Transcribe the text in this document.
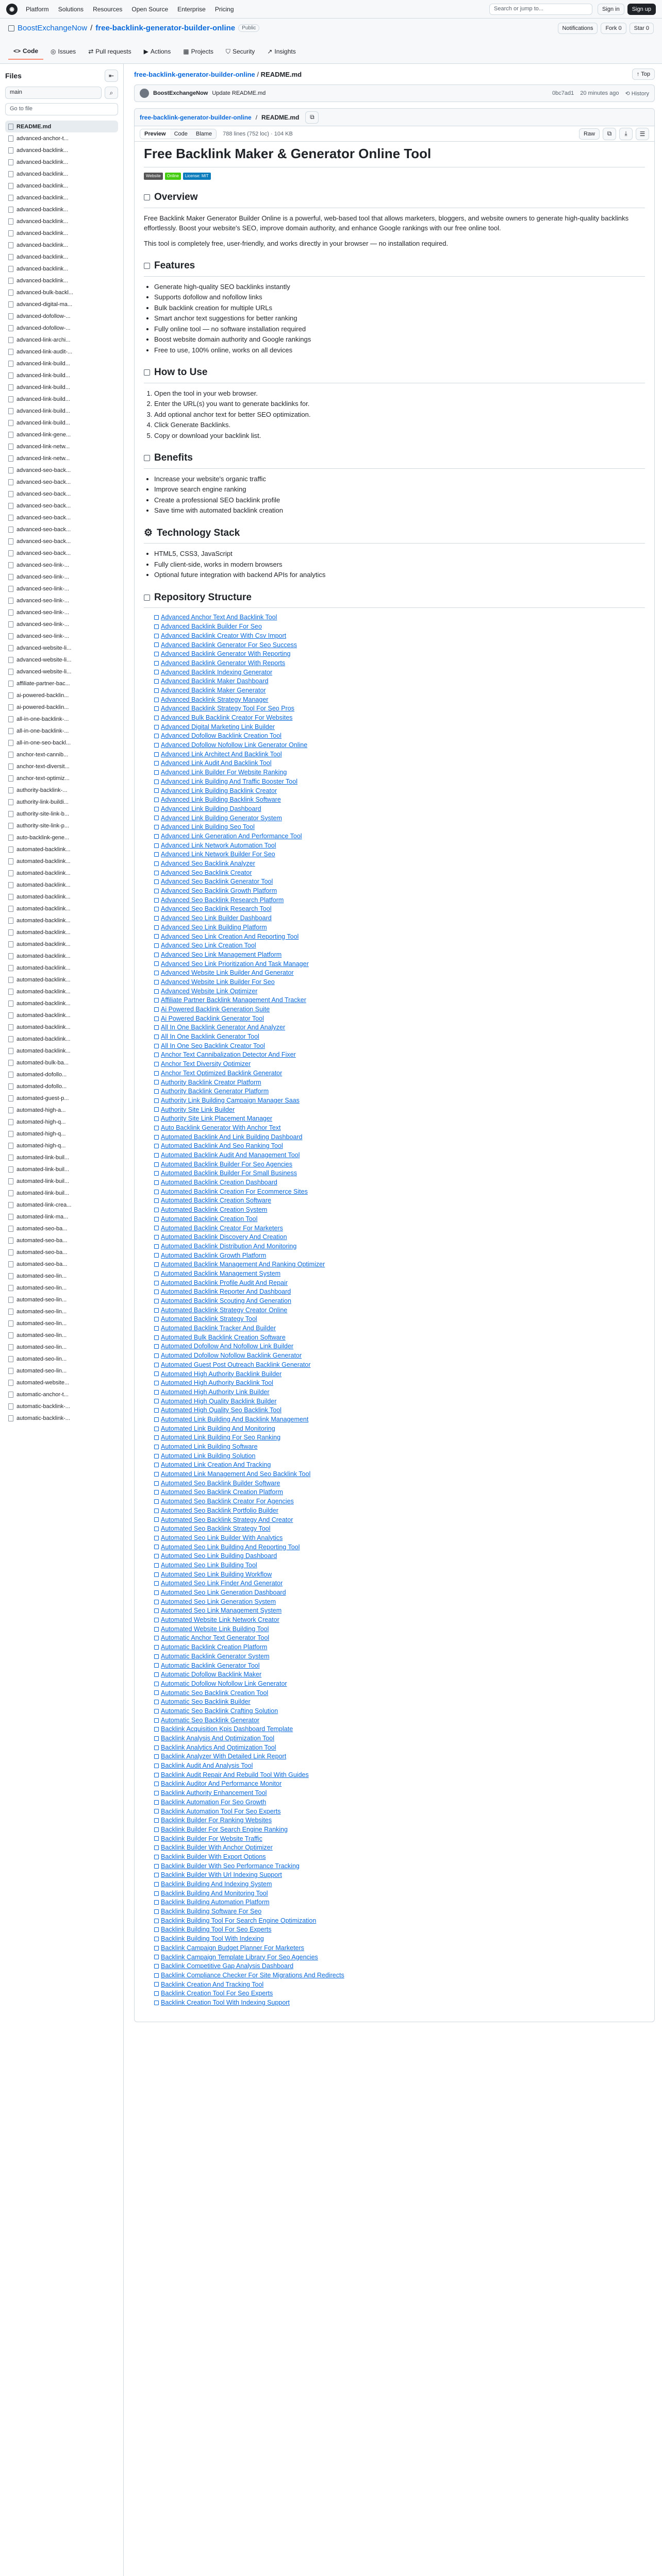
◉	Platform Solutions Resources Open Source Enterprise Pricing	Search or jump to...	Sign in	Sign up
BoostExchangeNow / free-backlink-generator-builder-online	Public	Notifications	Fork 0	Star 0
<> Code ◎ Issues ⇄ Pull requests ▶ Actions ▦ Projects ⛉ Security ↗ Insights
Files	⇤
main	⌕
Go to file
README.md
advanced-anchor-t...
advanced-backlink...
advanced-backlink...
advanced-backlink...
advanced-backlink...
advanced-backlink...
advanced-backlink...
advanced-backlink...
advanced-backlink...
advanced-backlink...
advanced-backlink...
advanced-backlink...
advanced-backlink...
advanced-bulk-backl...
advanced-digital-ma...
advanced-dofollow-...
advanced-dofollow-...
advanced-link-archi...
advanced-link-audit-...
advanced-link-build...
advanced-link-build...
advanced-link-build...
advanced-link-build...
advanced-link-build...
advanced-link-build...
advanced-link-gene...
advanced-link-netw...
advanced-link-netw...
advanced-seo-back...
advanced-seo-back...
advanced-seo-back...
advanced-seo-back...
advanced-seo-back...
advanced-seo-back...
advanced-seo-back...
advanced-seo-back...
advanced-seo-link-...
advanced-seo-link-...
advanced-seo-link-...
advanced-seo-link-...
advanced-seo-link-...
advanced-seo-link-...
advanced-seo-link-...
advanced-website-li...
advanced-website-li...
advanced-website-li...
affiliate-partner-bac...
ai-powered-backlin...
ai-powered-backlin...
all-in-one-backlink-...
all-in-one-backlink-...
all-in-one-seo-backl...
anchor-text-cannib...
anchor-text-diversit...
anchor-text-optimiz...
authority-backlink-...
authority-link-buildi...
authority-site-link-b...
authority-site-link-p...
auto-backlink-gene...
automated-backlink...
automated-backlink...
automated-backlink...
automated-backlink...
automated-backlink...
automated-backlink...
automated-backlink...
automated-backlink...
automated-backlink...
automated-backlink...
automated-backlink...
automated-backlink...
automated-backlink...
automated-backlink...
automated-backlink...
automated-backlink...
automated-backlink...
automated-backlink...
automated-bulk-ba...
automated-dofollo...
automated-dofollo...
automated-guest-p...
automated-high-a...
automated-high-q...
automated-high-q...
automated-high-q...
automated-link-buil...
automated-link-buil...
automated-link-buil...
automated-link-buil...
automated-link-crea...
automated-link-ma...
automated-seo-ba...
automated-seo-ba...
automated-seo-ba...
automated-seo-ba...
automated-seo-lin...
automated-seo-lin...
automated-seo-lin...
automated-seo-lin...
automated-seo-lin...
automated-seo-lin...
automated-seo-lin...
automated-seo-lin...
automated-seo-lin...
automated-website...
automatic-anchor-t...
automatic-backlink-...
automatic-backlink-...
free-backlink-generator-builder-online / README.md	↑ Top
BoostExchangeNow Update README.md	0bc7ad1 20 minutes ago ⟲ History
free-backlink-generator-builder-online / README.md	⧉
Preview	Code	Blame	788 lines (752 loc) · 104 KB	Raw	⧉	⤓	☰
Free Backlink Maker & Generator Online Tool
Website	Online	License: MIT
Overview

Free Backlink Maker Generator Builder Online is a powerful, web-based tool that allows marketers, bloggers, and website owners to generate high-quality backlinks effortlessly. Boost your website's SEO, improve domain authority, and enhance Google rankings with our free online tool.

This tool is completely free, user-friendly, and works directly in your browser — no installation required.

Features
• Generate high-quality SEO backlinks instantly
• Supports dofollow and nofollow links
• Bulk backlink creation for multiple URLs
• Smart anchor text suggestions for better ranking
• Fully online tool — no software installation required
• Boost website domain authority and Google rankings
• Free to use, 100% online, works on all devices
How to Use
1. Open the tool in your web browser.
2. Enter the URL(s) you want to generate backlinks for.
3. Add optional anchor text for better SEO optimization.
4. Click Generate Backlinks.
5. Copy or download your backlink list.
Benefits
• Increase your website's organic traffic
• Improve search engine ranking
• Create a professional SEO backlink profile
• Save time with automated backlink creation
⚙ Technology Stack
• HTML5, CSS3, JavaScript
• Fully client-side, works in modern browsers
• Optional future integration with backend APIs for analytics
Repository Structure
Advanced Anchor Text And Backlink Tool
Advanced Backlink Builder For Seo
Advanced Backlink Creator With Csv Import
Advanced Backlink Generator For Seo Success
Advanced Backlink Generator With Reporting
Advanced Backlink Generator With Reports
Advanced Backlink Indexing Generator
Advanced Backlink Maker Dashboard
Advanced Backlink Maker Generator
Advanced Backlink Strategy Manager
Advanced Backlink Strategy Tool For Seo Pros
Advanced Bulk Backlink Creator For Websites
Advanced Digital Marketing Link Builder
Advanced Dofollow Backlink Creation Tool
Advanced Dofollow Nofollow Link Generator Online
Advanced Link Architect And Backlink Tool
Advanced Link Audit And Backlink Tool
Advanced Link Builder For Website Ranking
Advanced Link Building And Traffic Booster Tool
Advanced Link Building Backlink Creator
Advanced Link Building Backlink Software
Advanced Link Building Dashboard
Advanced Link Building Generator System
Advanced Link Building Seo Tool
Advanced Link Generation And Performance Tool
Advanced Link Network Automation Tool
Advanced Link Network Builder For Seo
Advanced Seo Backlink Analyzer
Advanced Seo Backlink Creator
Advanced Seo Backlink Generator Tool
Advanced Seo Backlink Growth Platform
Advanced Seo Backlink Research Platform
Advanced Seo Backlink Research Tool
Advanced Seo Link Builder Dashboard
Advanced Seo Link Building Platform
Advanced Seo Link Creation And Reporting Tool
Advanced Seo Link Creation Tool
Advanced Seo Link Management Platform
Advanced Seo Link Prioritization And Task Manager
Advanced Website Link Builder And Generator
Advanced Website Link Builder For Seo
Advanced Website Link Optimizer
Affiliate Partner Backlink Management And Tracker
Ai Powered Backlink Generation Suite
Ai Powered Backlink Generator Tool
All In One Backlink Generator And Analyzer
All In One Backlink Generator Tool
All In One Seo Backlink Creator Tool
Anchor Text Cannibalization Detector And Fixer
Anchor Text Diversity Optimizer
Anchor Text Optimized Backlink Generator
Authority Backlink Creator Platform
Authority Backlink Generator Platform
Authority Link Building Campaign Manager Saas
Authority Site Link Builder
Authority Site Link Placement Manager
Auto Backlink Generator With Anchor Text
Automated Backlink And Link Building Dashboard
Automated Backlink And Seo Ranking Tool
Automated Backlink Audit And Management Tool
Automated Backlink Builder For Seo Agencies
Automated Backlink Builder For Small Business
Automated Backlink Creation Dashboard
Automated Backlink Creation For Ecommerce Sites
Automated Backlink Creation Software
Automated Backlink Creation System
Automated Backlink Creation Tool
Automated Backlink Creator For Marketers
Automated Backlink Discovery And Creation
Automated Backlink Distribution And Monitoring
Automated Backlink Growth Platform
Automated Backlink Management And Ranking Optimizer
Automated Backlink Management System
Automated Backlink Profile Audit And Repair
Automated Backlink Reporter And Dashboard
Automated Backlink Scouting And Generation
Automated Backlink Strategy Creator Online
Automated Backlink Strategy Tool
Automated Backlink Tracker And Builder
Automated Bulk Backlink Creation Software
Automated Dofollow And Nofollow Link Builder
Automated Dofollow Nofollow Backlink Generator
Automated Guest Post Outreach Backlink Generator
Automated High Authority Backlink Builder
Automated High Authority Backlink Tool
Automated High Authority Link Builder
Automated High Quality Backlink Builder
Automated High Quality Seo Backlink Tool
Automated Link Building And Backlink Management
Automated Link Building And Monitoring
Automated Link Building For Seo Ranking
Automated Link Building Software
Automated Link Building Solution
Automated Link Creation And Tracking
Automated Link Management And Seo Backlink Tool
Automated Seo Backlink Builder Software
Automated Seo Backlink Creation Platform
Automated Seo Backlink Creator For Agencies
Automated Seo Backlink Portfolio Builder
Automated Seo Backlink Strategy And Creator
Automated Seo Backlink Strategy Tool
Automated Seo Link Builder With Analytics
Automated Seo Link Building And Reporting Tool
Automated Seo Link Building Dashboard
Automated Seo Link Building Tool
Automated Seo Link Building Workflow
Automated Seo Link Finder And Generator
Automated Seo Link Generation Dashboard
Automated Seo Link Generation System
Automated Seo Link Management System
Automated Website Link Network Creator
Automated Website Link Building Tool
Automatic Anchor Text Generator Tool
Automatic Backlink Creation Platform
Automatic Backlink Generator System
Automatic Backlink Generator Tool
Automatic Dofollow Backlink Maker
Automatic Dofollow Nofollow Link Generator
Automatic Seo Backlink Creation Tool
Automatic Seo Backlink Builder
Automatic Seo Backlink Crafting Solution
Automatic Seo Backlink Generator
Backlink Acquisition Kpis Dashboard Template
Backlink Analysis And Optimization Tool
Backlink Analytics And Optimization Tool
Backlink Analyzer With Detailed Link Report
Backlink Audit And Analysis Tool
Backlink Audit Repair And Rebuild Tool With Guides
Backlink Auditor And Performance Monitor
Backlink Authority Enhancement Tool
Backlink Automation For Seo Growth
Backlink Automation Tool For Seo Experts
Backlink Builder For Ranking Websites
Backlink Builder For Search Engine Ranking
Backlink Builder For Website Traffic
Backlink Builder With Anchor Optimizer
Backlink Builder With Export Options
Backlink Builder With Seo Performance Tracking
Backlink Builder With Url Indexing Support
Backlink Building And Indexing System
Backlink Building And Monitoring Tool
Backlink Building Automation Platform
Backlink Building Software For Seo
Backlink Building Tool For Search Engine Optimization
Backlink Building Tool For Seo Experts
Backlink Building Tool With Indexing
Backlink Campaign Budget Planner For Marketers
Backlink Campaign Template Library For Seo Agencies
Backlink Competitive Gap Analysis Dashboard
Backlink Compliance Checker For Site Migrations And Redirects
Backlink Creation And Tracking Tool
Backlink Creation Tool For Seo Experts
Backlink Creation Tool With Indexing Support
